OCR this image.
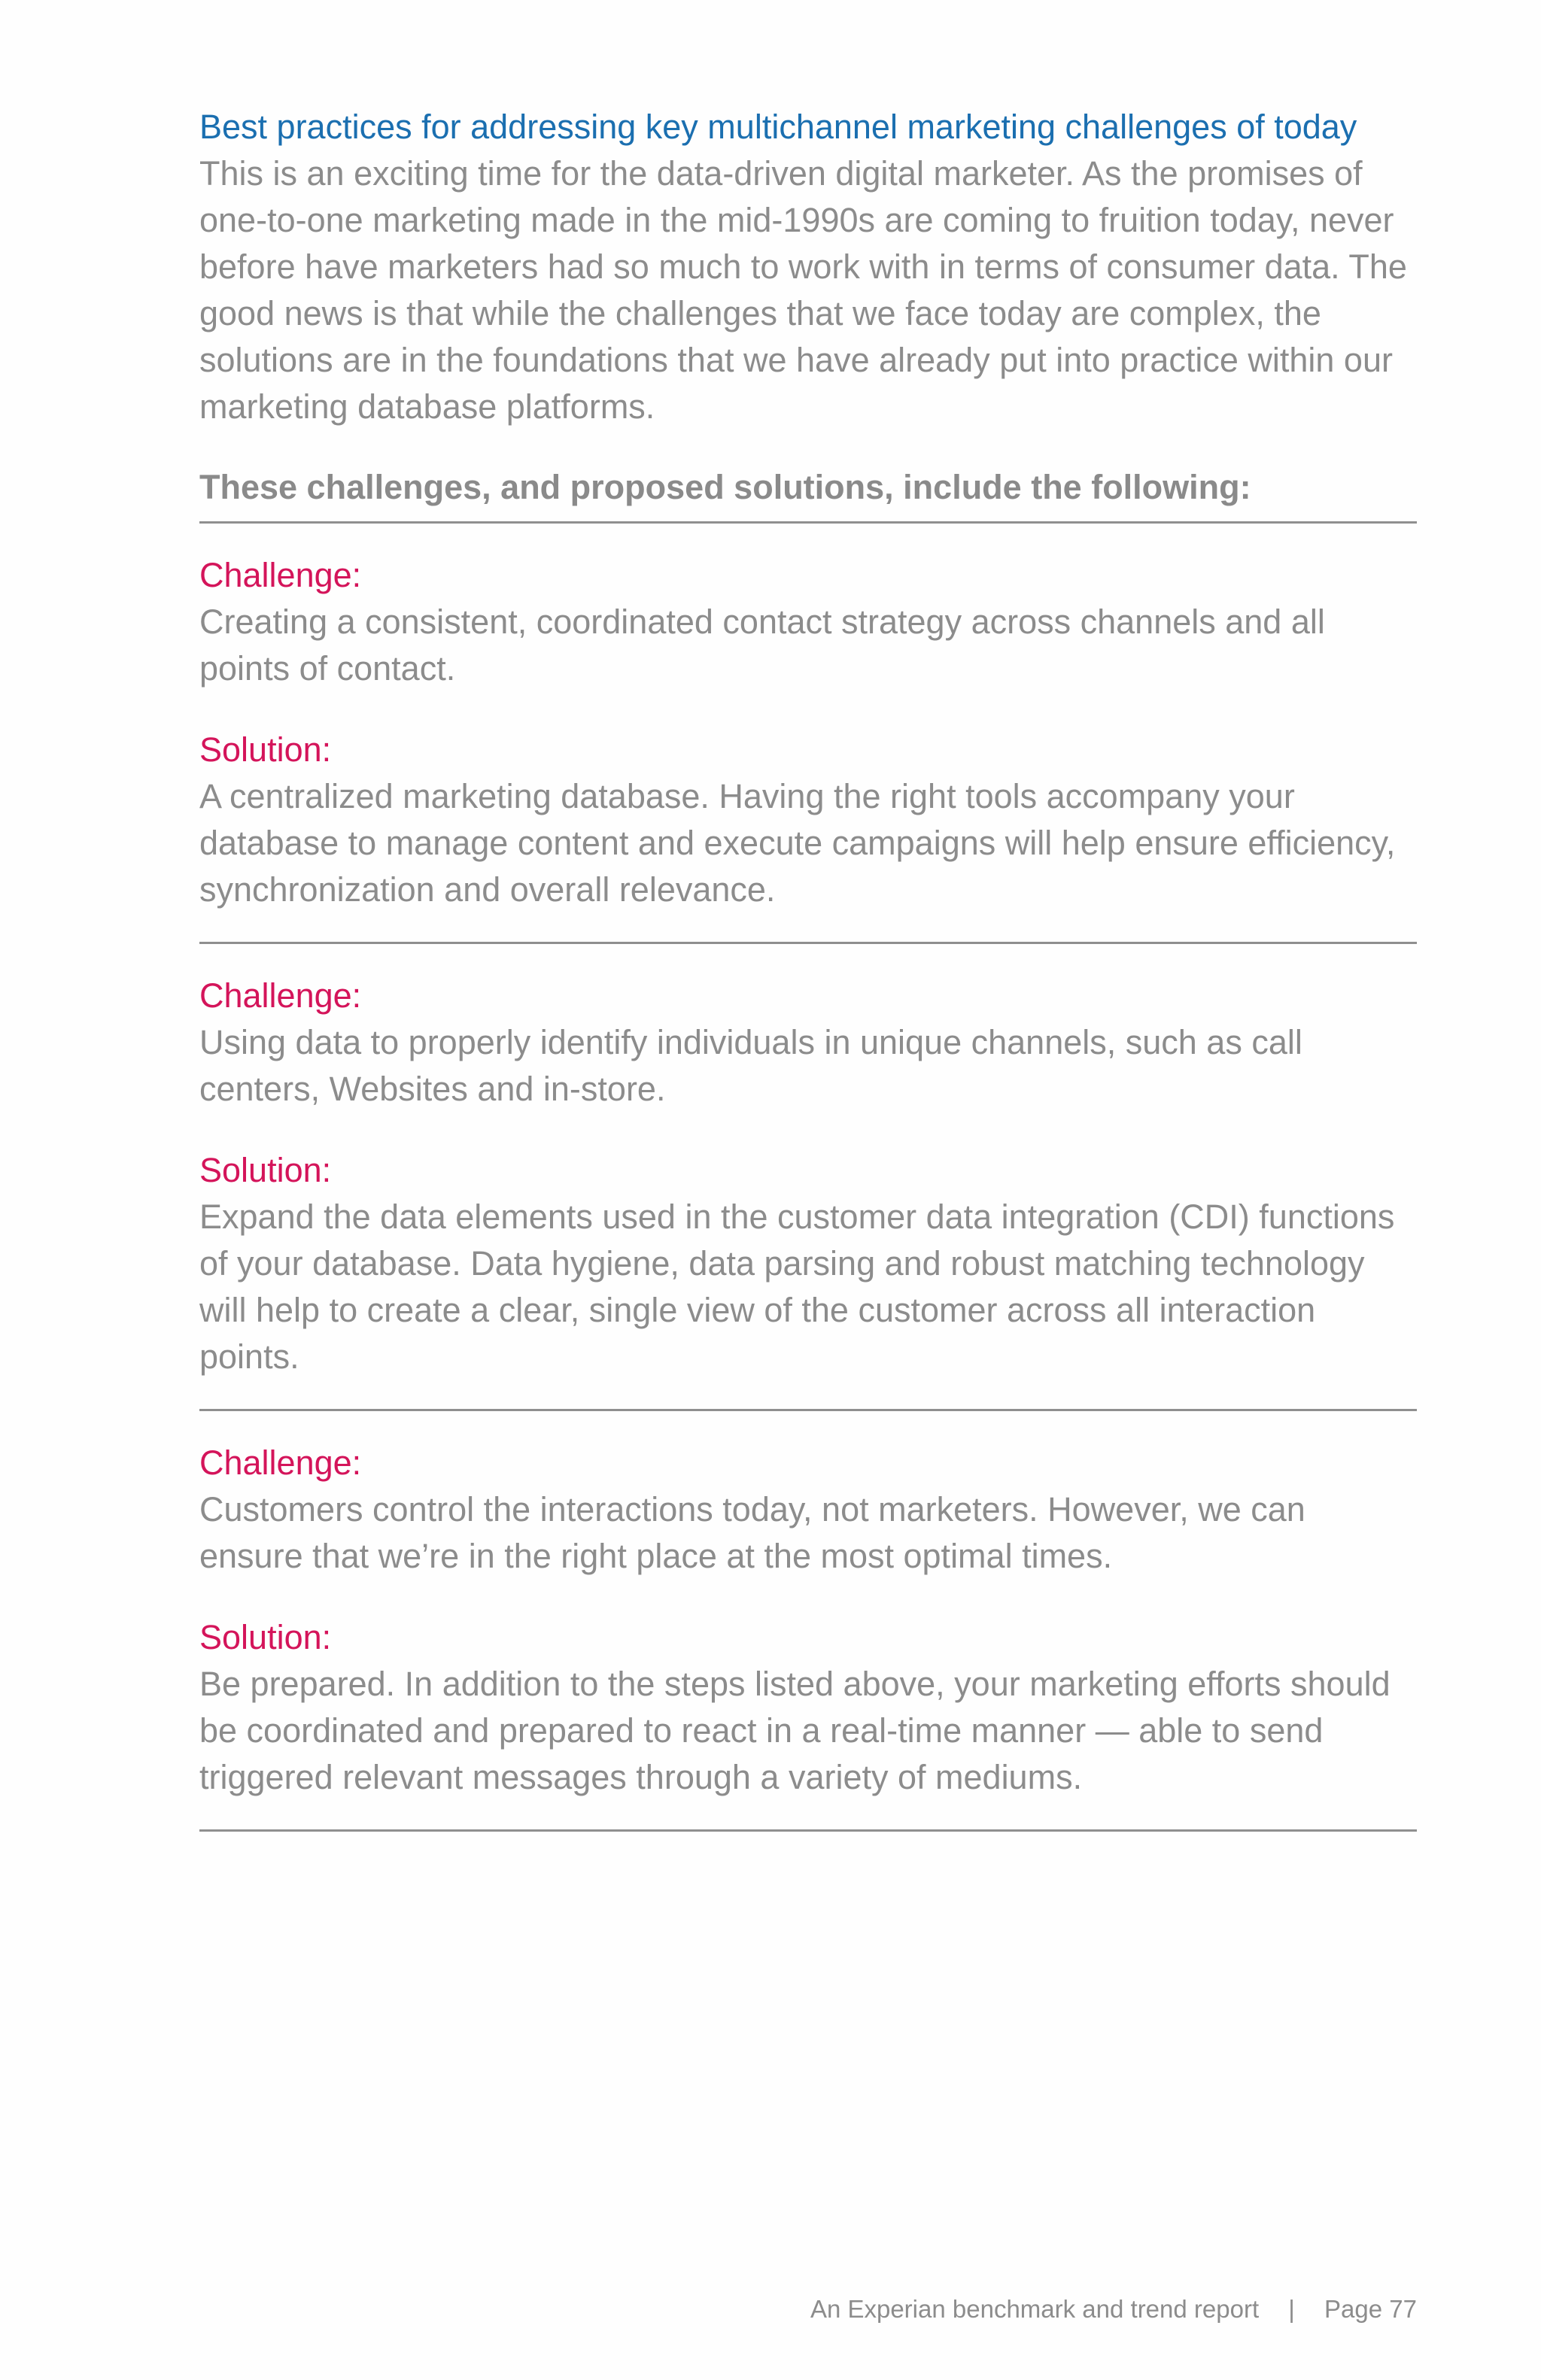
Best practices for addressing key multichannel marketing challenges of today

This is an exciting time for the data-driven digital marketer. As the promises of one-to-one marketing made in the mid-1990s are coming to fruition today, never before have marketers had so much to work with in terms of consumer data. The good news is that while the challenges that we face today are complex, the solutions are in the foundations that we have already put into practice within our marketing database platforms.

These challenges, and proposed solutions, include the following:

Challenge:

Creating a consistent, coordinated contact strategy across channels and all points of contact.

Solution:

A centralized marketing database. Having the right tools accompany your database to manage content and execute campaigns will help ensure efficiency, synchronization and overall relevance.

Challenge:

Using data to properly identify individuals in unique channels, such as call centers, Websites and in-store.

Solution:

Expand the data elements used in the customer data integration (CDI) functions of your database. Data hygiene, data parsing and robust matching technology will help to create a clear, single view of the customer across all interaction points.

Challenge:

Customers control the interactions today, not marketers. However, we can ensure that we’re in the right place at the most optimal times.

Solution:

Be prepared. In addition to the steps listed above, your marketing efforts should be coordinated and prepared to react in a real-time manner — able to send triggered relevant messages through a variety of mediums.

An Experian benchmark and trend report | Page 77
